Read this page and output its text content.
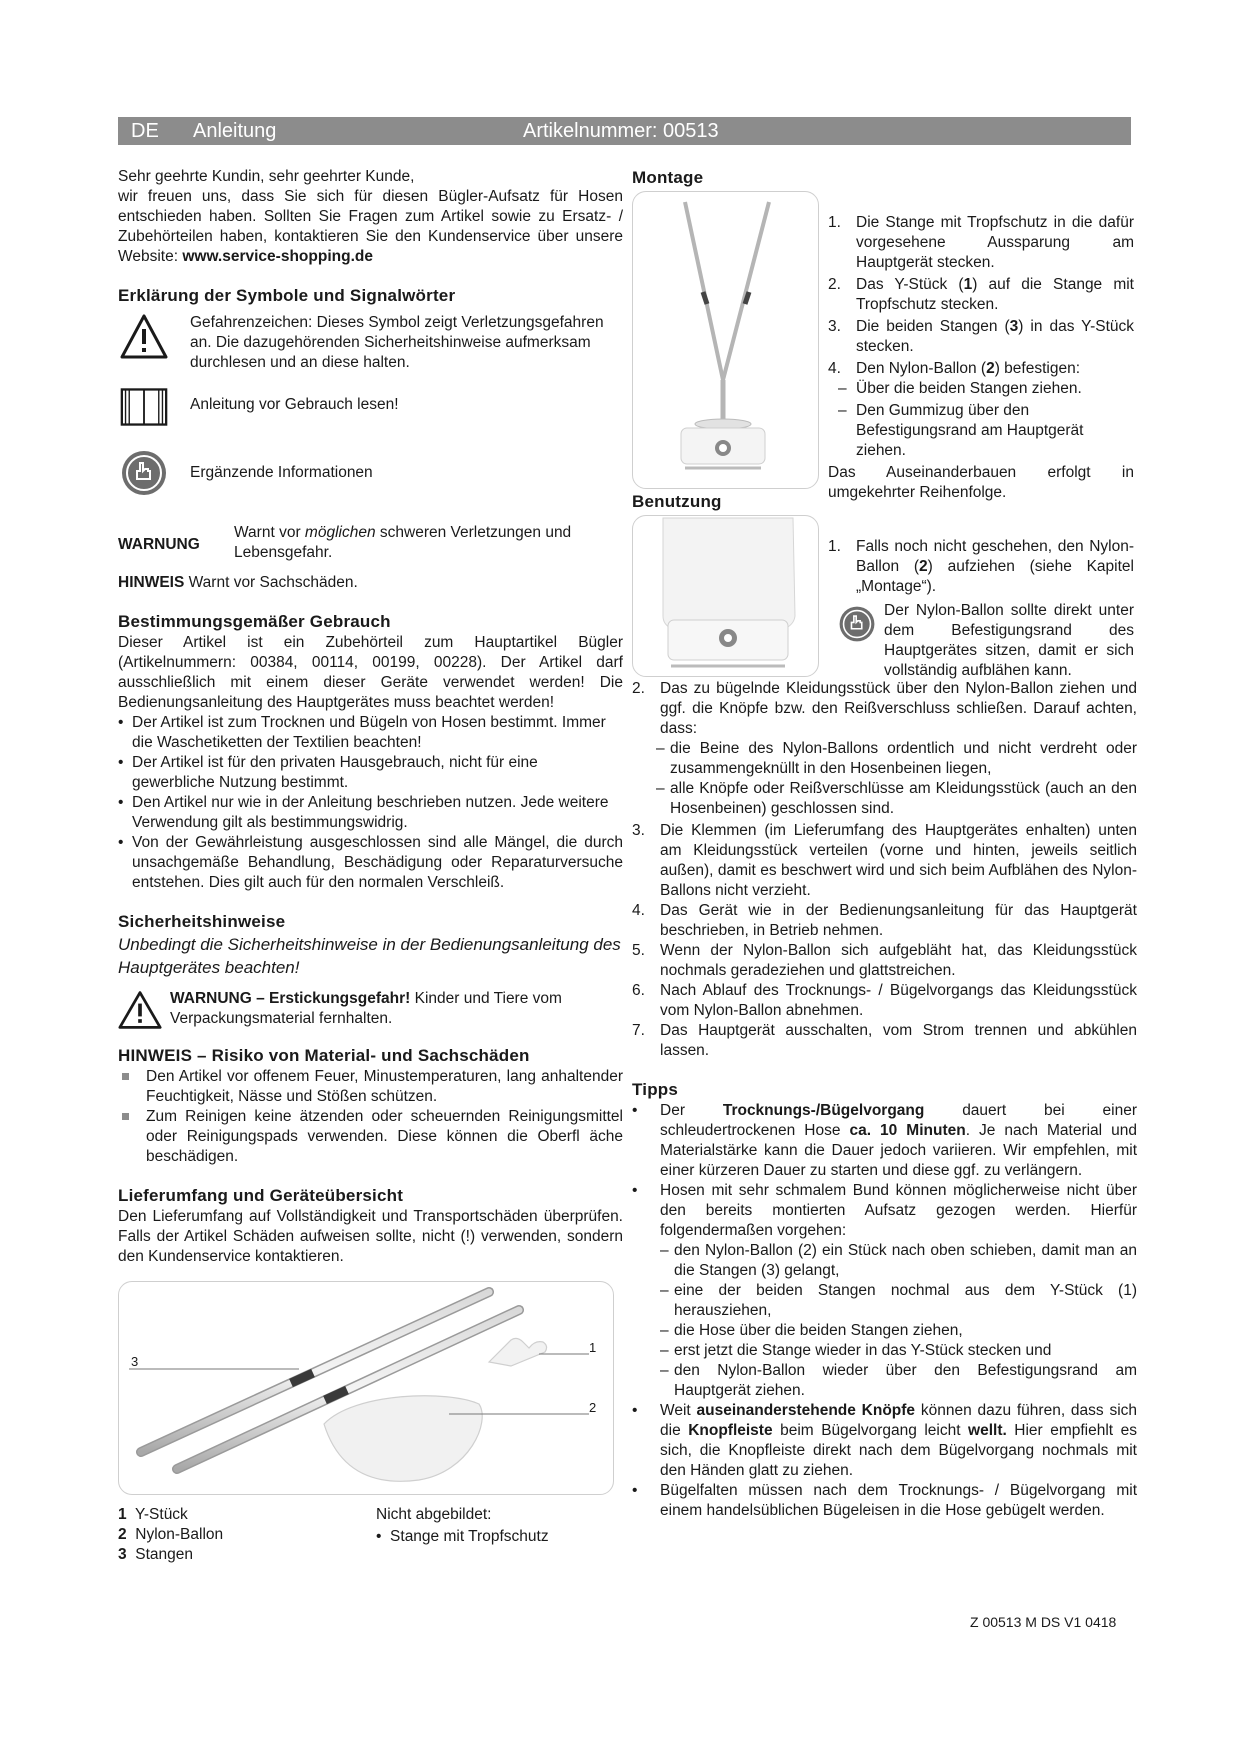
DE Anleitung	Artikelnummer: 00513

Sehr geehrte Kundin, sehr geehrter Kunde,

wir freuen uns, dass Sie sich für diesen Bügler-Aufsatz für Hosen entschieden haben. Sollten Sie Fragen zum Artikel sowie zu Ersatz- / Zubehörteilen haben, kontaktieren Sie den Kundenservice über unsere Website: www.service-shopping.de

Erklärung der Symbole und Signalwörter

Gefahrenzeichen: Dieses Symbol zeigt Verletzungsgefahren an. Die dazugehörenden Sicherheitshinweise aufmerksam durchlesen und an diese halten.

Anleitung vor Gebrauch lesen!

Ergänzende Informationen

WARNUNG

Warnt vor möglichen schweren Verletzungen und Lebensgefahr.

HINWEIS Warnt vor Sachschäden.

Bestimmungsgemäßer Gebrauch

Dieser Artikel ist ein Zubehörteil zum Hauptartikel Bügler (Artikelnummern: 00384, 00114, 00199, 00228). Der Artikel darf ausschließlich mit einem dieser Geräte verwendet werden! Die Bedienungsanleitung des Hauptgerätes muss beachtet werden!

• Der Artikel ist zum Trocknen und Bügeln von Hosen bestimmt. Immer die Waschetiketten der Textilien beachten!
• Der Artikel ist für den privaten Hausgebrauch, nicht für eine gewerbliche Nutzung bestimmt.
• Den Artikel nur wie in der Anleitung beschrieben nutzen. Jede weitere Verwendung gilt als bestimmungswidrig.
• Von der Gewährleistung ausgeschlossen sind alle Mängel, die durch unsachgemäße Behandlung, Beschädigung oder Reparaturversuche entstehen. Dies gilt auch für den normalen Verschleiß.
Sicherheitshinweise

Unbedingt die Sicherheitshinweise in der Bedienungsanleitung des Hauptgerätes beachten!

WARNUNG – Erstickungsgefahr! Kinder und Tiere vom Verpackungsmaterial fernhalten.

HINWEIS – Risiko von Material- und Sachschäden
Den Artikel vor offenem Feuer, Minustemperaturen, lang anhaltender Feuchtigkeit, Nässe und Stößen schützen.
Zum Reinigen keine ätzenden oder scheuernden Reinigungsmittel oder Reinigungspads verwenden. Diese können die Oberfl äche beschädigen.
Lieferumfang und Geräteübersicht

Den Lieferumfang auf Vollständigkeit und Transportschäden überprüfen. Falls der Artikel Schäden aufweisen sollte, nicht (!) verwenden, sondern den Kundenservice kontaktieren.

3
1
2

1 Y-Stück

2 Nylon-Ballon

3 Stangen

Nicht abgebildet:

•  Stange mit Tropfschutz

Montage
1. Die Stange mit Tropfschutz in die dafür vorgesehene Aussparung am Hauptgerät stecken.
2. Das Y-Stück (1) auf die Stange mit Tropfschutz stecken.
3. Die beiden Stangen (3) in das Y-Stück stecken.
4. Den Nylon-Ballon (2) befestigen:
– Über die beiden Stangen ziehen.
– Den Gummizug über den Befestigungsrand am Hauptgerät ziehen.

Das Auseinanderbauen erfolgt in umgekehrter Reihenfolge.

Benutzung
1. Falls noch nicht geschehen, den Nylon-Ballon (2) aufziehen (siehe Kapitel „Montage“).

Der Nylon-Ballon sollte direkt unter dem Befestigungsrand des Hauptgerätes sitzen, damit er sich vollständig aufblähen kann.

2. Das zu bügelnde Kleidungsstück über den Nylon-Ballon ziehen und ggf. die Knöpfe bzw. den Reißverschluss schließen. Darauf achten, dass:
– die Beine des Nylon-Ballons ordentlich und nicht verdreht oder zusammengeknüllt in den Hosenbeinen liegen,
– alle Knöpfe oder Reißverschlüsse am Kleidungsstück (auch an den Hosenbeinen) geschlossen sind.
3. Die Klemmen (im Lieferumfang des Hauptgerätes enhalten) unten am Kleidungsstück verteilen (vorne und hinten, jeweils seitlich außen), damit es beschwert wird und sich beim Aufblähen des Nylon-Ballons nicht verzieht.
4. Das Gerät wie in der Bedienungsanleitung für das Hauptgerät beschrieben, in Betrieb nehmen.
5. Wenn der Nylon-Ballon sich aufgebläht hat, das Kleidungsstück nochmals geradeziehen und glattstreichen.
6. Nach Ablauf des Trocknungs- / Bügelvorgangs das Kleidungsstück vom Nylon-Ballon abnehmen.
7. Das Hauptgerät ausschalten, vom Strom trennen und abkühlen lassen.
Tipps
• Der Trocknungs-/Bügelvorgang dauert bei einer schleudertrockenen Hose ca. 10 Minuten. Je nach Material und Materialstärke kann die Dauer jedoch variieren. Wir empfehlen, mit einer kürzeren Dauer zu starten und diese ggf. zu verlängern.
• Hosen mit sehr schmalem Bund können möglicherweise nicht über den bereits montierten Aufsatz gezogen werden. Hierfür folgendermaßen vorgehen:
– den Nylon-Ballon (2) ein Stück nach oben schieben, damit man an die Stangen (3) gelangt,
– eine der beiden Stangen nochmal aus dem Y-Stück (1) herausziehen,
– die Hose über die beiden Stangen ziehen,
– erst jetzt die Stange wieder in das Y-Stück stecken und
– den Nylon-Ballon wieder über den Befestigungsrand am Hauptgerät ziehen.
• Weit auseinanderstehende Knöpfe können dazu führen, dass sich die Knopfleiste beim Bügelvorgang leicht wellt. Hier empfiehlt es sich, die Knopfleiste direkt nach dem Bügelvorgang nochmals mit den Händen glatt zu ziehen.
• Bügelfalten müssen nach dem Trocknungs- / Bügelvorgang mit einem handelsüblichen Bügeleisen in die Hose gebügelt werden.
Z 00513 M DS V1 0418
